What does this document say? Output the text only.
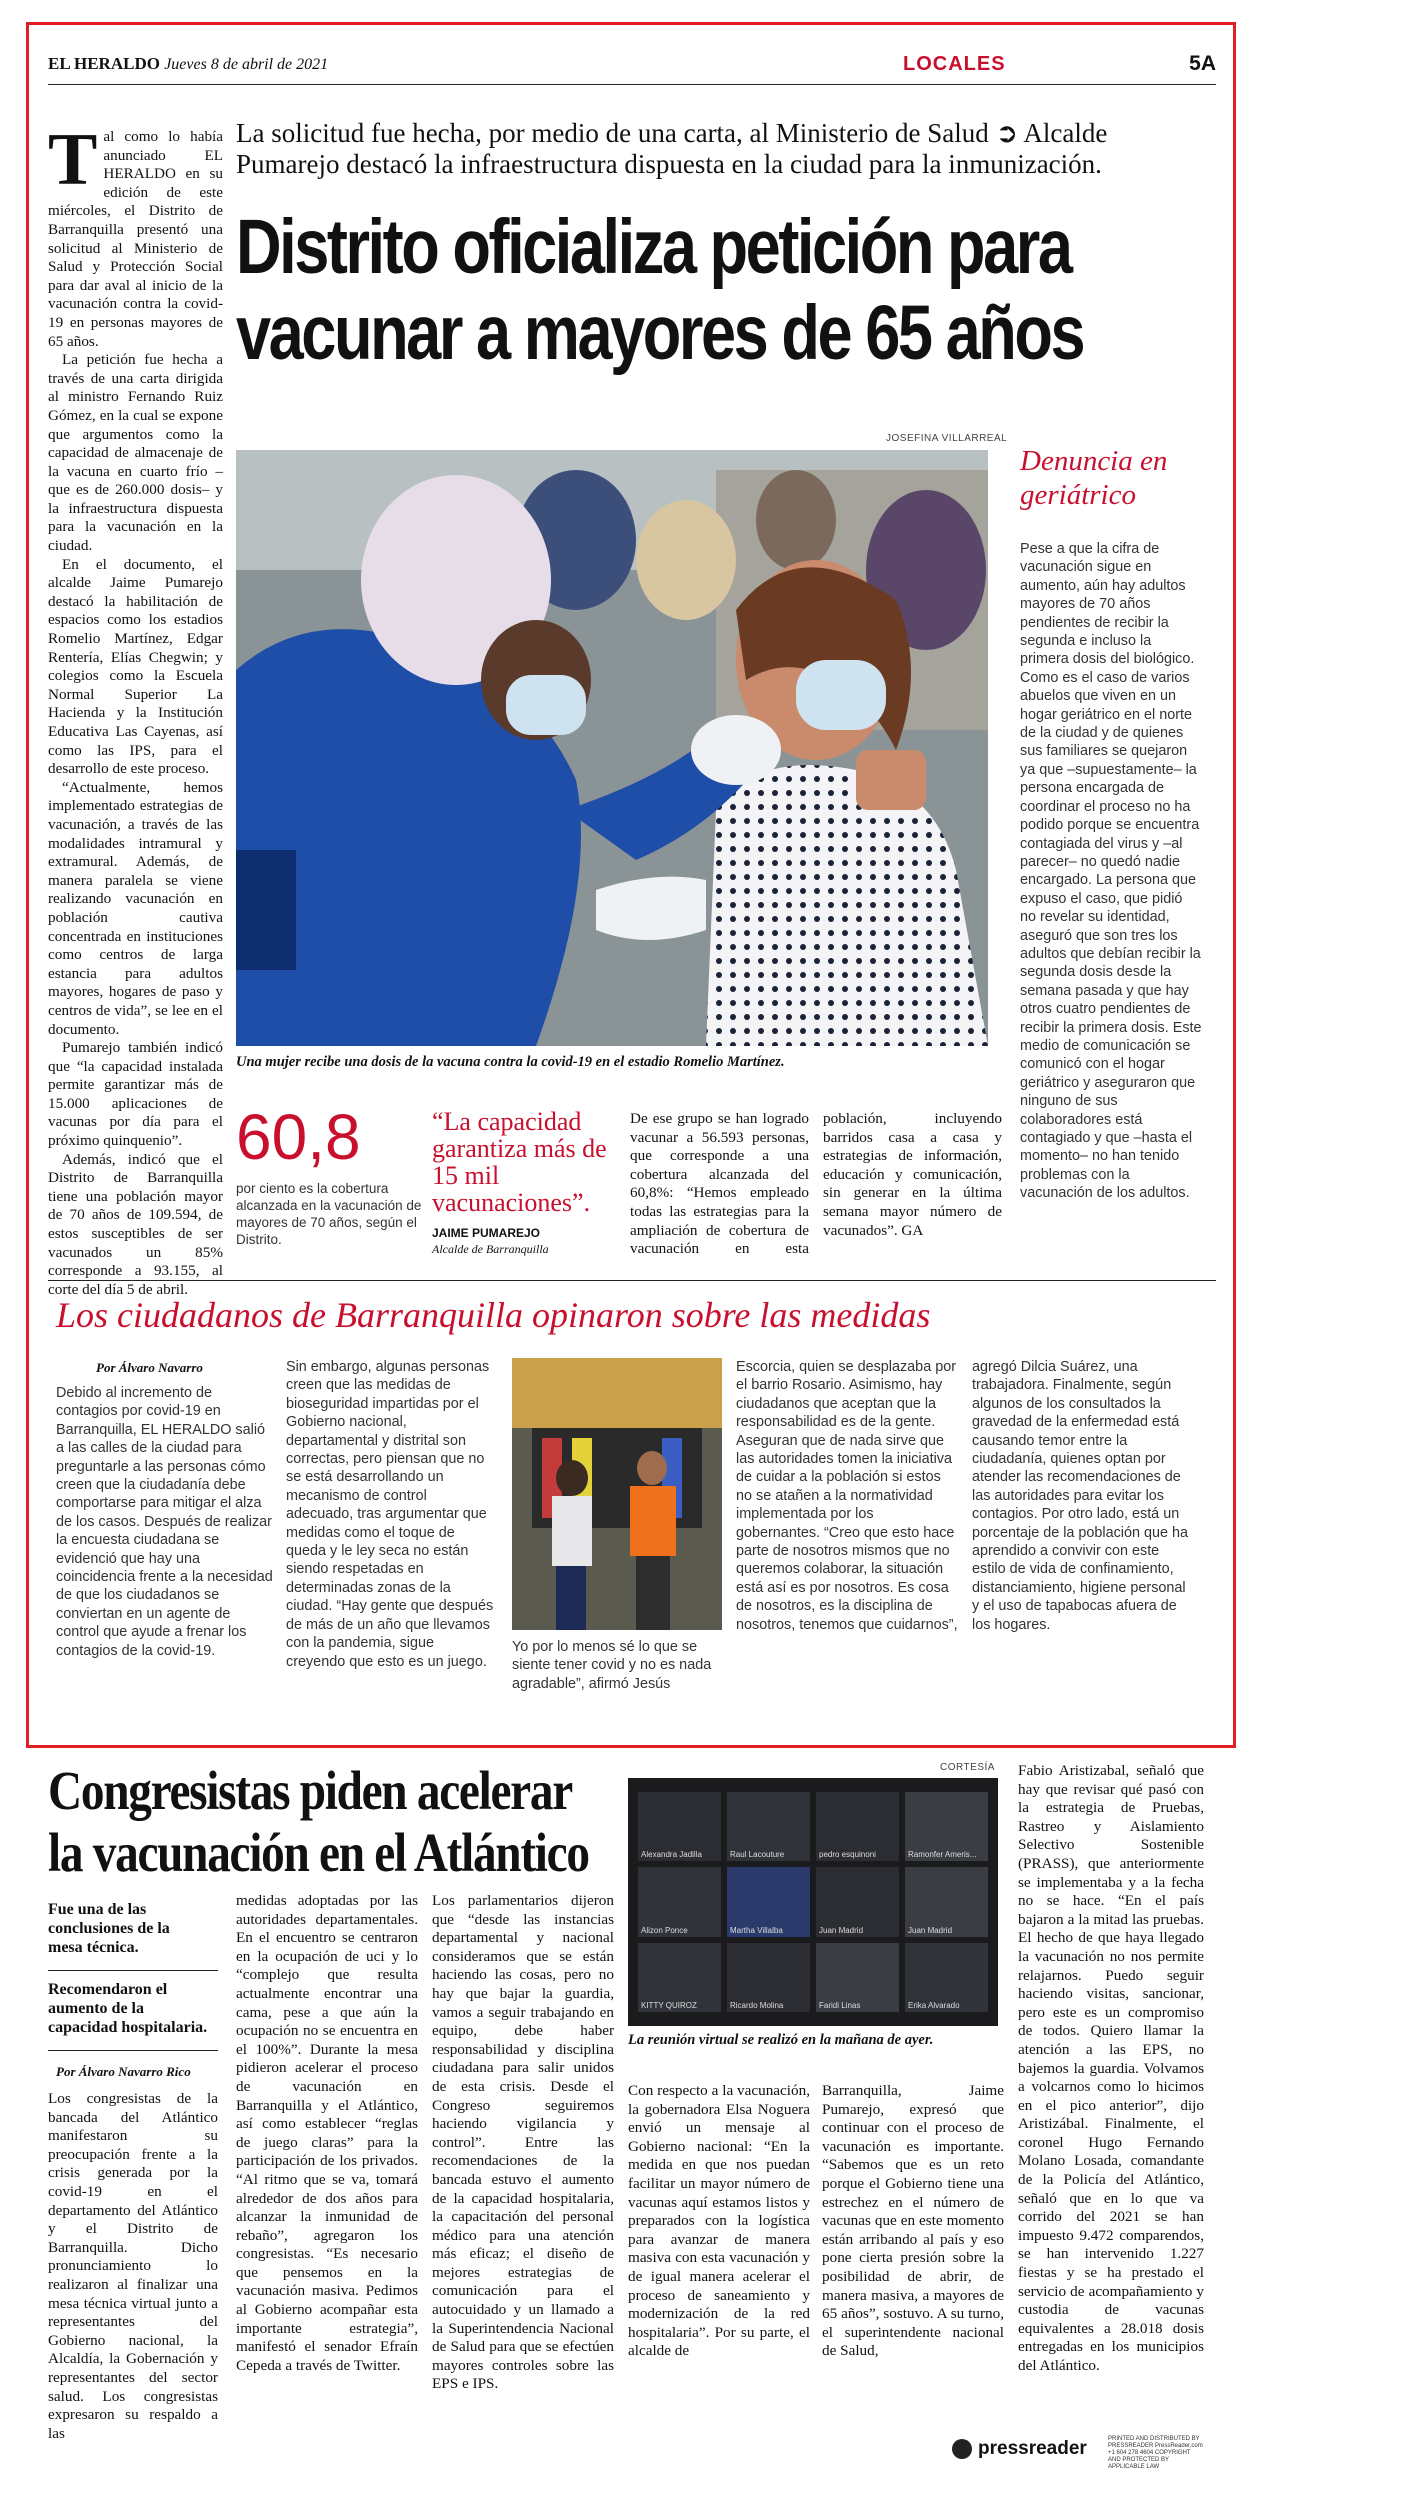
EL HERALDO Jueves 8 de abril de 2021	LOCALES	5A
T al como lo había anunciado EL HERALDO en su edición de este miércoles, el Distrito de Barranquilla presentó una solicitud al Ministerio de Salud y Protección Social para dar aval al inicio de la vacunación contra la covid-19 en personas mayores de 65 años.

La petición fue hecha a través de una carta dirigida al ministro Fernando Ruiz Gómez, en la cual se expone que argumentos como la capacidad de almacenaje de la vacuna en cuarto frío –que es de 260.000 dosis– y la infraestructura dispuesta para la vacunación en la ciudad.

En el documento, el alcalde Jaime Pumarejo destacó la habilitación de espacios como los estadios Romelio Martínez, Edgar Rentería, Elías Chegwin; y colegios como la Escuela Normal Superior La Hacienda y la Institución Educativa Las Cayenas, así como las IPS, para el desarrollo de este proceso.

“Actualmente, hemos implementado estrategias de vacunación, a través de las modalidades intramural y extramural. Además, de manera paralela se viene realizando vacunación en población cautiva concentrada en instituciones como centros de larga estancia para adultos mayores, hogares de paso y centros de vida”, se lee en el documento.

Pumarejo también indicó que “la capacidad instalada permite garantizar más de 15.000 aplicaciones de vacunas por día para el próximo quinquenio”.

Además, indicó que el Distrito de Barranquilla tiene una población mayor de 70 años de 109.594, de estos susceptibles de ser vacunados un 85% corresponde a 93.155, al corte del día 5 de abril.

La solicitud fue hecha, por medio de una carta, al Ministerio de Salud ➲ Alcalde Pumarejo destacó la infraestructura dispuesta en la ciudad para la inmunización.
Distrito oficializa petición para
vacunar a mayores de 65 años
JOSEFINA VILLARREAL
Una mujer recibe una dosis de la vacuna contra la covid-19 en el estadio Romelio Martínez.
Denuncia en geriátrico
Pese a que la cifra de vacunación sigue en aumento, aún hay adultos mayores de 70 años pendientes de recibir la segunda e incluso la primera dosis del biológico. Como es el caso de varios abuelos que viven en un hogar geriátrico en el norte de la ciudad y de quienes sus familiares se quejaron ya que –supuestamente– la persona encargada de coordinar el proceso no ha podido porque se encuentra contagiada del virus y –al parecer– no quedó nadie encargado. La persona que expuso el caso, que pidió no revelar su identidad, aseguró que son tres los adultos que debían recibir la segunda dosis desde la semana pasada y que hay otros cuatro pendientes de recibir la primera dosis. Este medio de comunicación se comunicó con el hogar geriátrico y aseguraron que ninguno de sus colaboradores está contagiado y que –hasta el momento– no han tenido problemas con la vacunación de los adultos.
60,8
por ciento es la cobertura alcanzada en la vacunación de mayores de 70 años, según el Distrito.
“La capacidad garantiza más de 15 mil vacunaciones”.
JAIME PUMAREJO
Alcalde de Barranquilla
De ese grupo se han logrado vacunar a 56.593 personas, que corresponde a una cobertura alcanzada del 60,8%: “Hemos empleado todas las estrategias para la ampliación de cobertura de vacunación en esta población, incluyendo barridos casa a casa y estrategias de información, educación y comunicación, sin generar en la última semana mayor número de vacunados”. GA
Los ciudadanos de Barranquilla opinaron sobre las medidas
Por Álvaro Navarro
Debido al incremento de contagios por covid-19 en Barranquilla, EL HERALDO salió a las calles de la ciudad para preguntarle a las personas cómo creen que la ciudadanía debe comportarse para mitigar el alza de los casos. Después de realizar la encuesta ciudadana se evidenció que hay una coincidencia frente a la necesidad de que los ciudadanos se conviertan en un agente de control que ayude a frenar los contagios de la covid-19.
Sin embargo, algunas personas creen que las medidas de bioseguridad impartidas por el Gobierno nacional, departamental y distrital son correctas, pero piensan que no se está desarrollando un mecanismo de control adecuado, tras argumentar que medidas como el toque de queda y le ley seca no están siendo respetadas en determinadas zonas de la ciudad. “Hay gente que después de más de un año que llevamos con la pandemia, sigue creyendo que esto es un juego.
Yo por lo menos sé lo que se siente tener covid y no es nada agradable”, afirmó Jesús
Escorcia, quien se desplazaba por el barrio Rosario. Asimismo, hay ciudadanos que aceptan que la responsabilidad es de la gente. Aseguran que de nada sirve que las autoridades tomen la iniciativa de cuidar a la población si estos no se atañen a la normatividad implementada por los gobernantes. “Creo que esto hace parte de nosotros mismos que no queremos colaborar, la situación está así es por nosotros. Es cosa de nosotros, es la disciplina de nosotros, tenemos que cuidarnos”,
agregó Dilcia Suárez, una trabajadora. Finalmente, según algunos de los consultados la gravedad de la enfermedad está causando temor entre la ciudadanía, quienes optan por atender las recomendaciones de las autoridades para evitar los contagios. Por otro lado, está un porcentaje de la población que ha aprendido a convivir con este estilo de vida de confinamiento, distanciamiento, higiene personal y el uso de tapabocas afuera de los hogares.
Congresistas piden acelerar
la vacunación en el Atlántico
Fue una de las conclusiones de la mesa técnica.
Recomendaron el aumento de la capacidad hospitalaria.
Por Álvaro Navarro Rico
Los congresistas de la bancada del Atlántico manifestaron su preocupación frente a la crisis generada por la covid-19 en el departamento del Atlántico y el Distrito de Barranquilla. Dicho pronunciamiento lo realizaron al finalizar una mesa técnica virtual junto a representantes del Gobierno nacional, la Alcaldía, la Gobernación y representantes del sector salud. Los congresistas expresaron su respaldo a las
medidas adoptadas por las autoridades departamentales. En el encuentro se centraron en la ocupación de uci y lo “complejo que resulta actualmente encontrar una cama, pese a que aún la ocupación no se encuentra en el 100%”. Durante la mesa pidieron acelerar el proceso de vacunación en Barranquilla y el Atlántico, así como establecer “reglas de juego claras” para la participación de los privados. “Al ritmo que se va, tomará alrededor de dos años para alcanzar la inmunidad de rebaño”, agregaron los congresistas. “Es necesario que pensemos en la vacunación masiva. Pedimos al Gobierno acompañar esta importante estrategia”, manifestó el senador Efraín Cepeda a través de Twitter.
Los parlamentarios dijeron que “desde las instancias departamental y nacional consideramos que se están haciendo las cosas, pero no hay que bajar la guardia, vamos a seguir trabajando en equipo, debe haber responsabilidad y disciplina ciudadana para salir unidos de esta crisis. Desde el Congreso seguiremos haciendo vigilancia y control”. Entre las recomendaciones de la bancada estuvo el aumento de la capacidad hospitalaria, la capacitación del personal médico para una atención más eficaz; el diseño de mejores estrategias de comunicación para el autocuidado y un llamado a la Superintendencia Nacional de Salud para que se efectúen mayores controles sobre las EPS e IPS.
CORTESÍA
Alexandra Jadilla	Raul Lacouture	pedro esquinoni	Ramonfer Ameris...
Alizon Ponce	Martha Villalba	Juan Madrid	Juan Madrid
KITTY QUIROZ	Ricardo Molina	Faridi Linas	Erika Alvarado
La reunión virtual se realizó en la mañana de ayer.
Con respecto a la vacunación, la gobernadora Elsa Noguera envió un mensaje al Gobierno nacional: “En la medida en que nos puedan facilitar un mayor número de vacunas aquí estamos listos y preparados con la logística para avanzar de manera masiva con esta vacunación y de igual manera acelerar el proceso de saneamiento y modernización de la red hospitalaria”. Por su parte, el alcalde de
Barranquilla, Jaime Pumarejo, expresó que continuar con el proceso de vacunación es importante. “Sabemos que es un reto porque el Gobierno tiene una estrechez en el número de vacunas que en este momento están arribando al país y eso pone cierta presión sobre la posibilidad de abrir, de manera masiva, a mayores de 65 años”, sostuvo. A su turno, el superintendente nacional de Salud,
Fabio Aristizabal, señaló que hay que revisar qué pasó con la estrategia de Pruebas, Rastreo y Aislamiento Selectivo Sostenible (PRASS), que anteriormente se implementaba y a la fecha no se hace. “En el país bajaron a la mitad las pruebas. El hecho de que haya llegado la vacunación no nos permite relajarnos. Puedo seguir haciendo visitas, sancionar, pero este es un compromiso de todos. Quiero llamar la atención a las EPS, no bajemos la guardia. Volvamos a volcarnos como lo hicimos en el pico anterior”, dijo Aristizábal. Finalmente, el coronel Hugo Fernando Molano Losada, comandante de la Policía del Atlántico, señaló que en lo que va corrido del 2021 se han impuesto 9.472 comparendos, se han intervenido 1.227 fiestas y se ha prestado el servicio de acompañamiento y custodia de vacunas equivalentes a 28.018 dosis entregadas en los municipios del Atlántico.
pressreader	PRINTED AND DISTRIBUTED BY PRESSREADER PressReader.com +1 604 278 4604 COPYRIGHT AND PROTECTED BY APPLICABLE LAW
